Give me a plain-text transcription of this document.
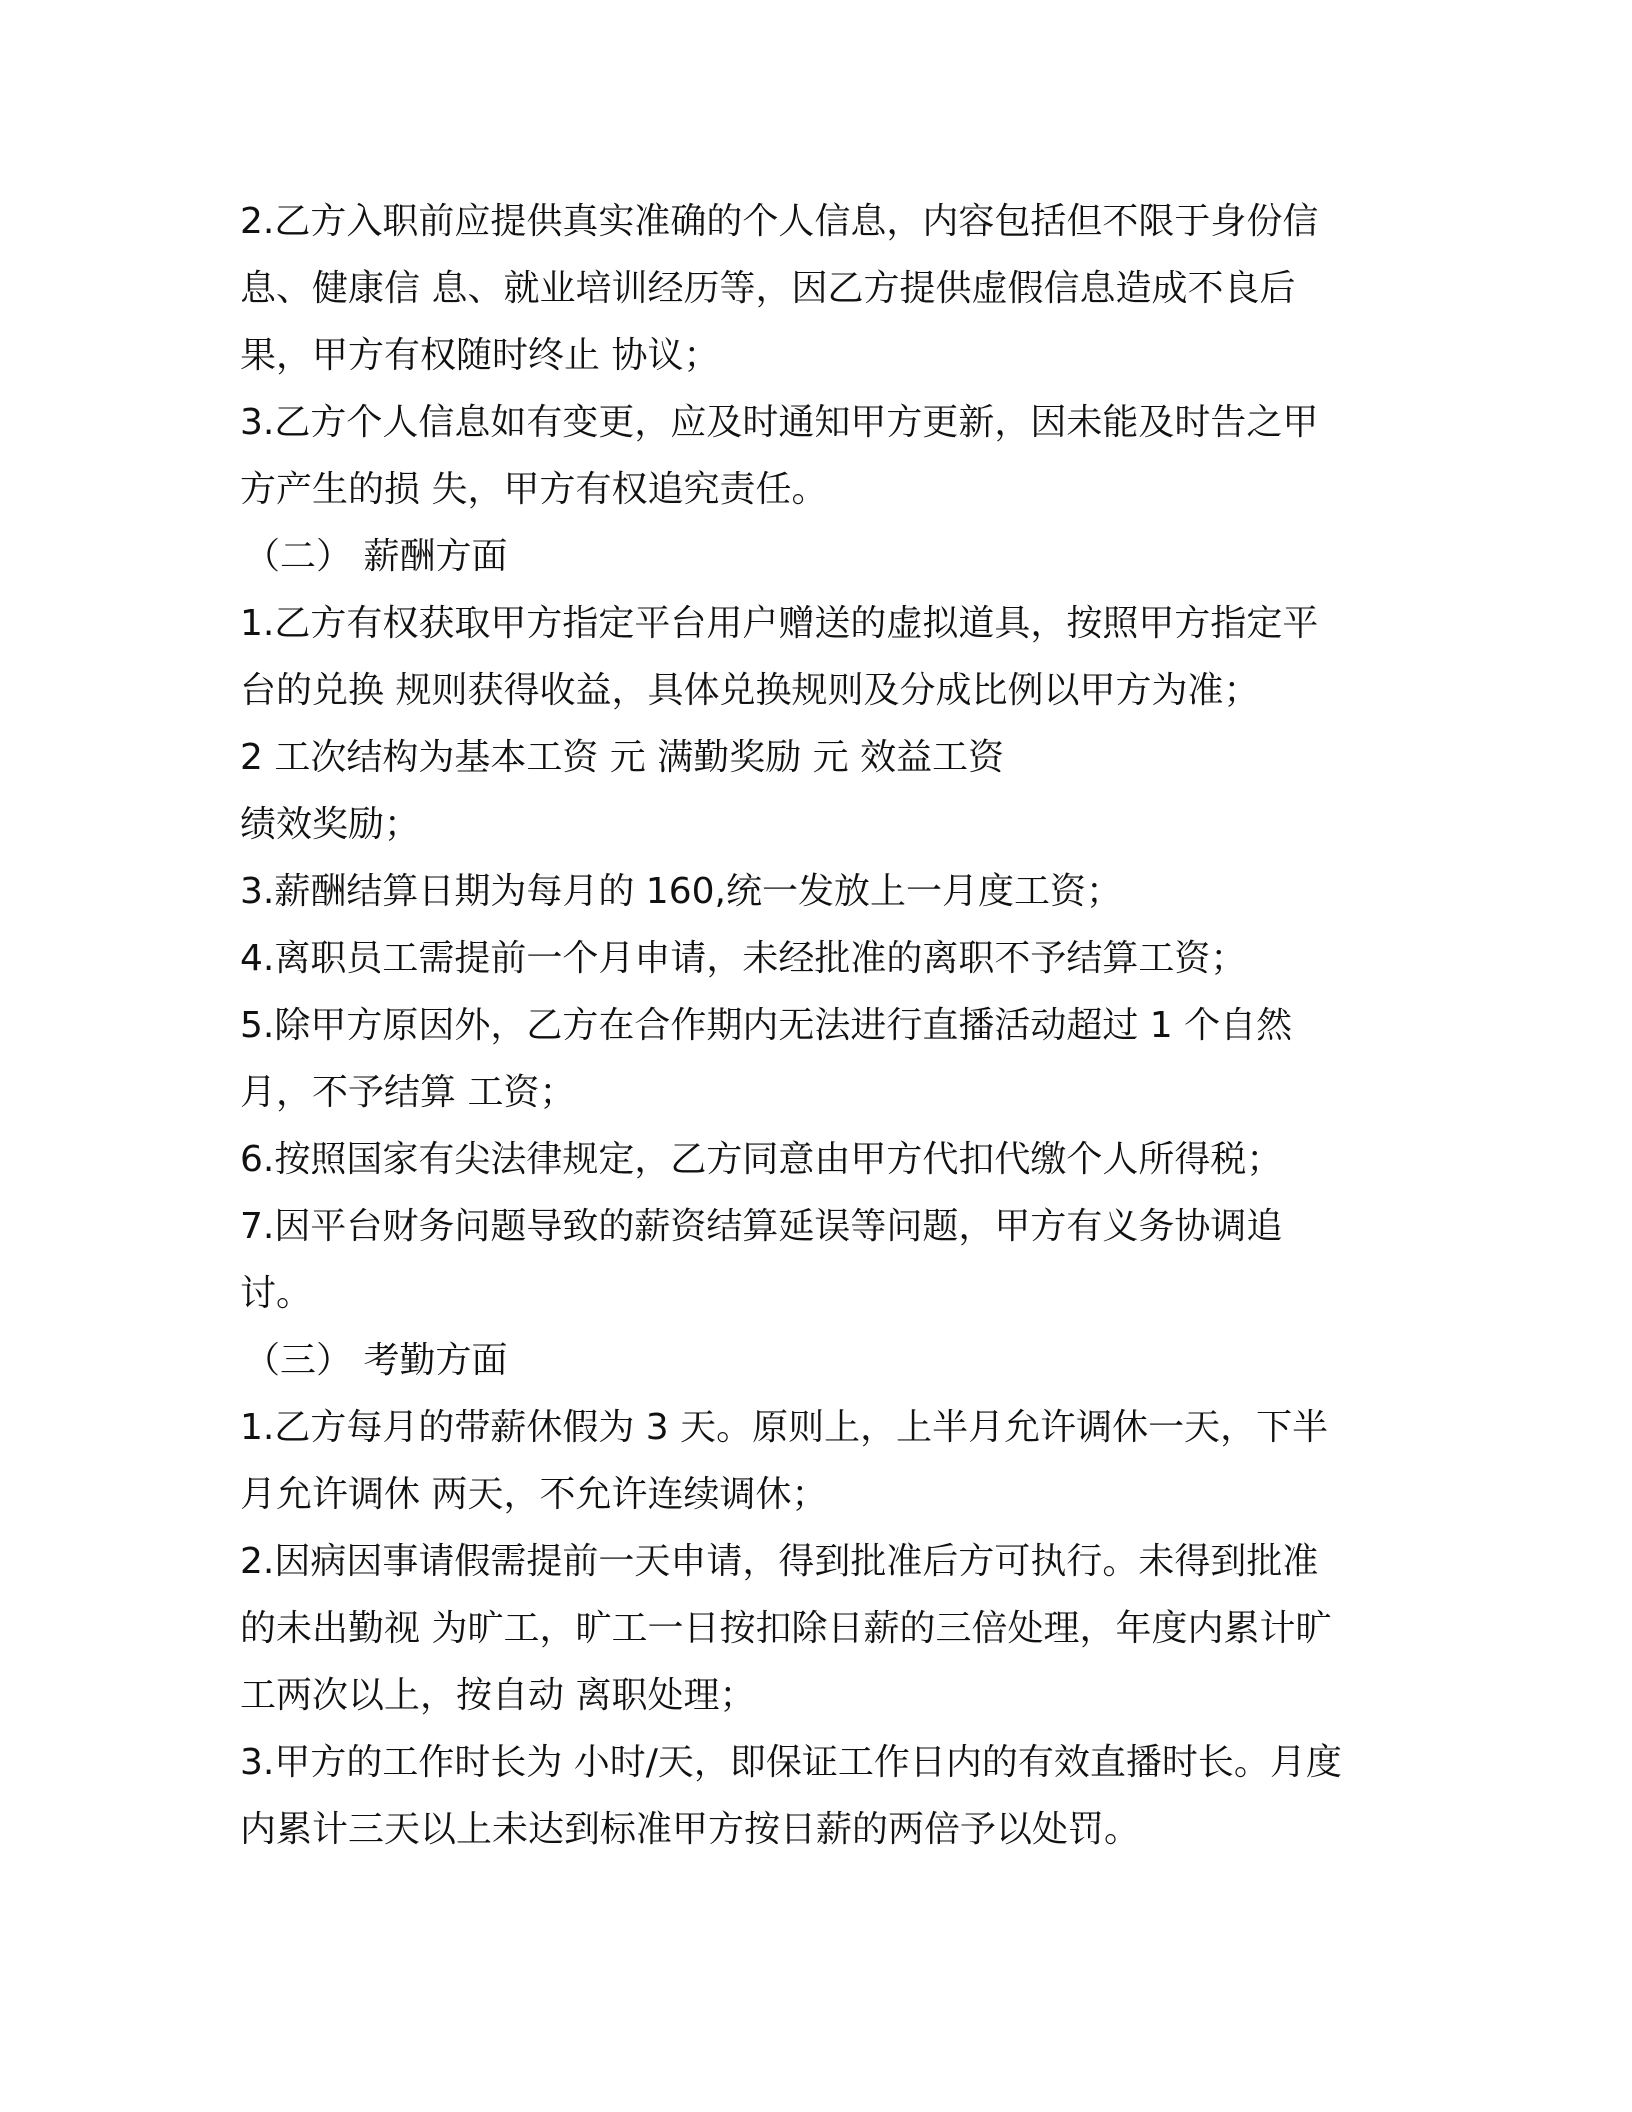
2.乙方入职前应提供真实准确的个人信息，内容包括但不限于身份信
息、健康信 息、就业培训经历等，因乙方提供虚假信息造成不良后
果，甲方有权随时终止 协议；
3.乙方个人信息如有变更，应及时通知甲方更新，因未能及时告之甲
方产生的损 失，甲方有权追究责任。
（二） 薪酬方面
1.乙方有权获取甲方指定平台用户赠送的虚拟道具，按照甲方指定平
台的兑换 规则获得收益，具体兑换规则及分成比例以甲方为准；
2 工次结构为基本工资 元 满勤奖励 元 效益工资
绩效奖励；
3.薪酬结算日期为每月的 160,统一发放上一月度工资；
4.离职员工需提前一个月申请，未经批准的离职不予结算工资；
5.除甲方原因外，乙方在合作期内无法进行直播活动超过 1 个自然
月，不予结算 工资；
6.按照国家有尖法律规定，乙方同意由甲方代扣代缴个人所得税；
7.因平台财务问题导致的薪资结算延误等问题，甲方有义务协调追
讨。
（三） 考勤方面
1.乙方每月的带薪休假为 3 天。原则上，上半月允许调休一天，下半
月允许调休 两天，不允许连续调休；
2.因病因事请假需提前一天申请，得到批准后方可执行。未得到批准
的未出勤视 为旷工，旷工一日按扣除日薪的三倍处理，年度内累计旷
工两次以上，按自动 离职处理；
3.甲方的工作时长为 小时/天，即保证工作日内的有效直播时长。月度
内累计三天以上未达到标准甲方按日薪的两倍予以处罚。
